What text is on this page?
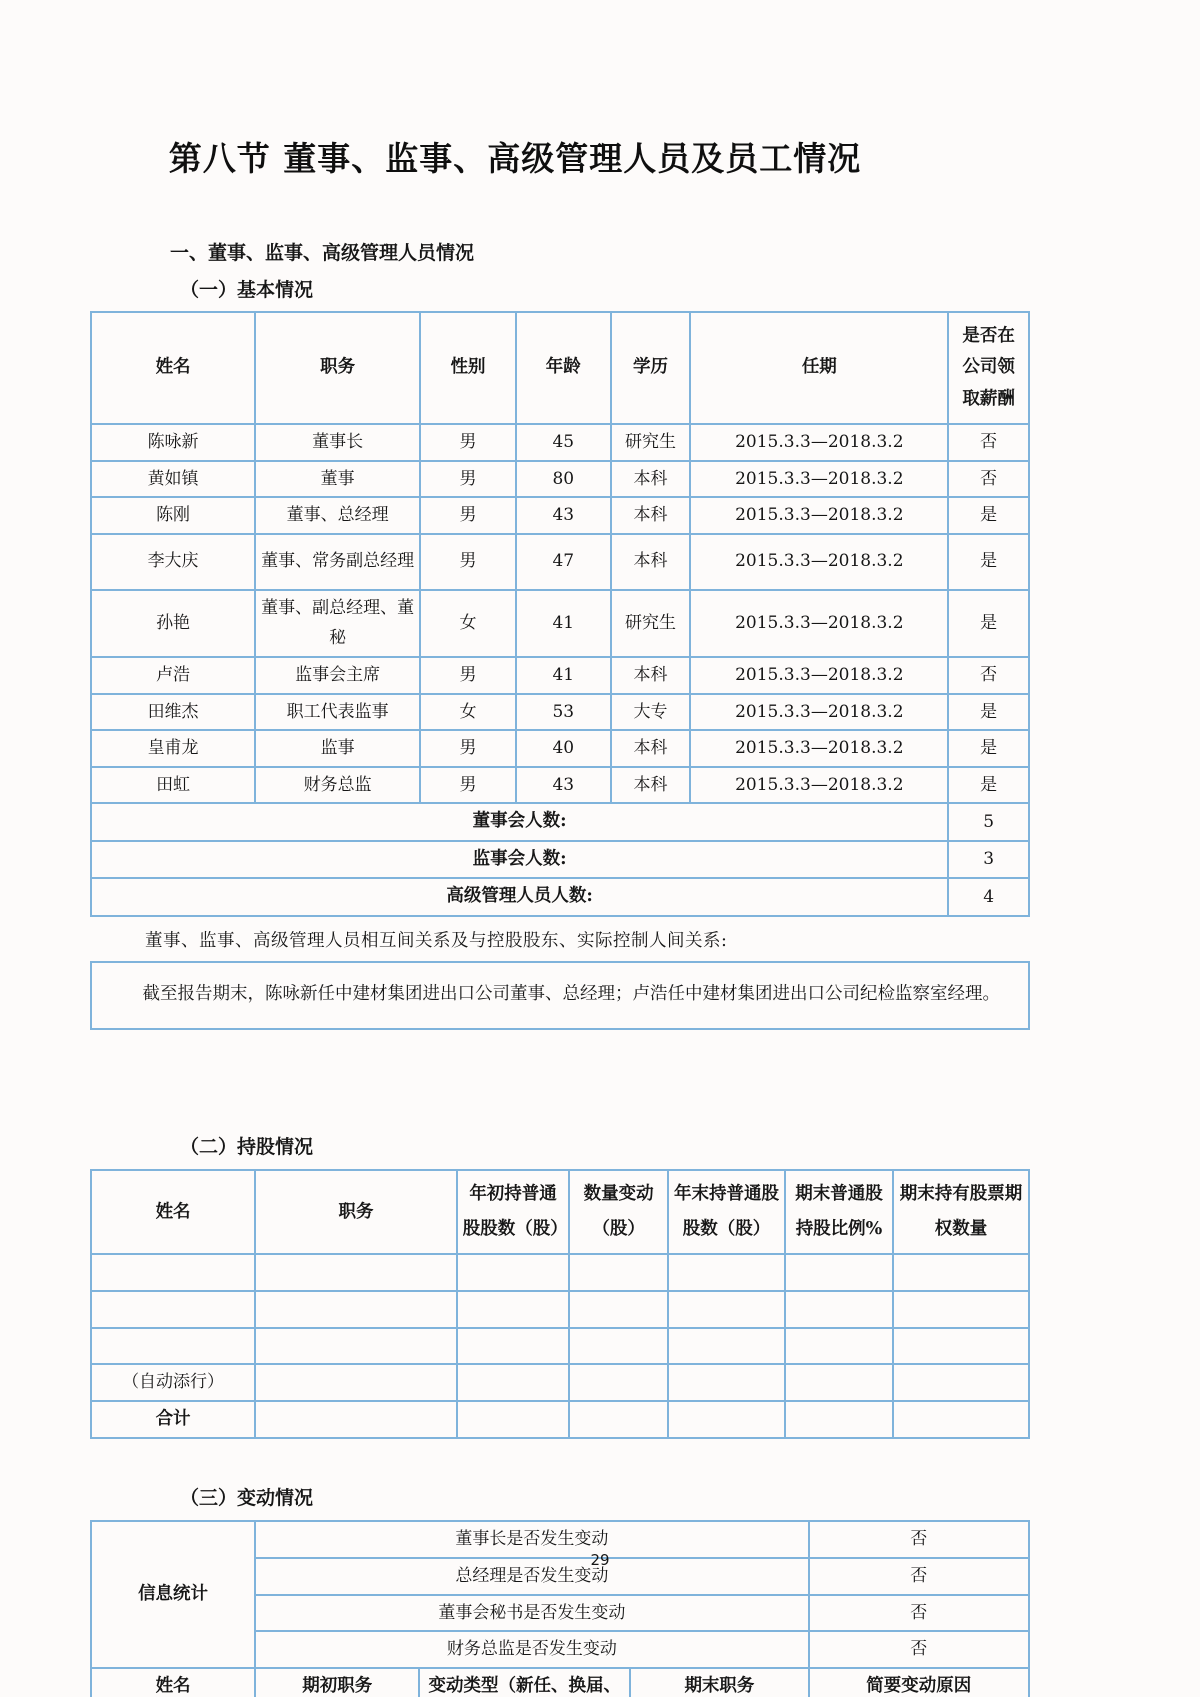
第八节 董事、监事、高级管理人员及员工情况
一、董事、监事、高级管理人员情况
（一）基本情况
姓名	职务	性别	年龄	学历	任期	是否在公司领取薪酬
陈咏新	董事长	男	45	研究生	2015.3.3—2018.3.2	否
黄如镇	董事	男	80	本科	2015.3.3—2018.3.2	否
陈刚	董事、总经理	男	43	本科	2015.3.3—2018.3.2	是
李大庆	董事、常务副总经理	男	47	本科	2015.3.3—2018.3.2	是
孙艳	董事、副总经理、董秘	女	41	研究生	2015.3.3—2018.3.2	是
卢浩	监事会主席	男	41	本科	2015.3.3—2018.3.2	否
田维杰	职工代表监事	女	53	大专	2015.3.3—2018.3.2	是
皇甫龙	监事	男	40	本科	2015.3.3—2018.3.2	是
田虹	财务总监	男	43	本科	2015.3.3—2018.3.2	是
董事会人数:						5
监事会人数:						3
高级管理人员人数:						4
董事、监事、高级管理人员相互间关系及与控股股东、实际控制人间关系:
截至报告期末，陈咏新任中建材集团进出口公司董事、总经理；卢浩任中建材集团进出口公司纪检监察室经理。
（二）持股情况
姓名	职务	年初持普通股股数（股）	数量变动（股）	年末持普通股股数（股）	期末普通股持股比例%	期末持有股票期权数量

（自动添行）						
合计						
（三）变动情况
信息统计	董事长是否发生变动			否
	总经理是否发生变动			否
	董事会秘书是否发生变动			否
	财务总监是否发生变动			否
姓名	期初职务	变动类型（新任、换届、	期末职务	简要变动原因
29
